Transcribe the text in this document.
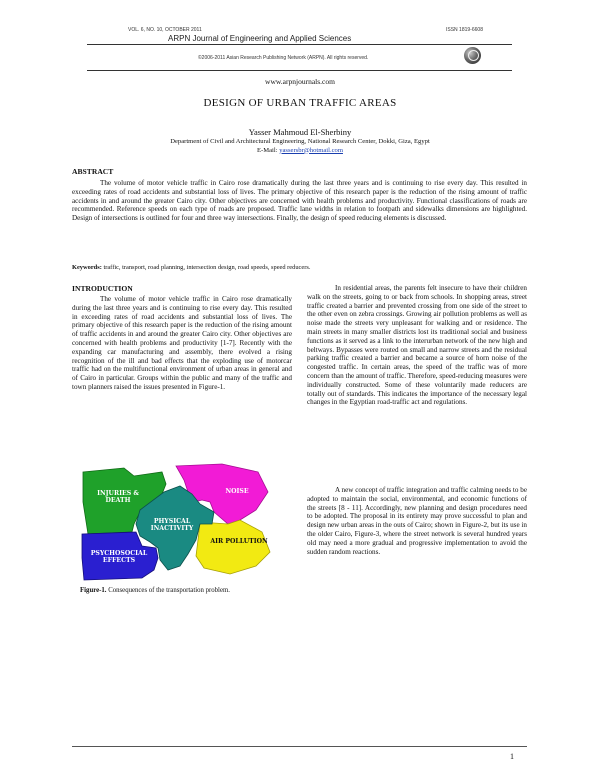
VOL. 6, NO. 10, OCTOBER 2011	ISSN 1819-6608
ARPN Journal of Engineering and Applied Sciences
©2006-2011 Asian Research Publishing Network (ARPN). All rights reserved.
www.arpnjournals.com
DESIGN OF URBAN TRAFFIC AREAS
Yasser Mahmoud El-Sherbiny
Department of Civil and Architectural Engineering, National Research Center, Dokki, Giza, Egypt
E-Mail: yassersbr@hotmail.com
ABSTRACT
The volume of motor vehicle traffic in Cairo rose dramatically during the last three years and is continuing to rise every day. This resulted in exceeding rates of road accidents and substantial loss of lives. The primary objective of this research paper is the reduction of the rising amount of traffic accidents in and around the greater Cairo city. Other objectives are concerned with health problems and productivity. Functional classifications of roads are recommended. Reference speeds on each type of roads are proposed. Traffic lane widths in relation to footpath and sidewalks dimensions are highlighted. Design of intersections is outlined for four and three way intersections. Finally, the design of speed reducing elements is discussed.
Keywords: traffic, transport, road planning, intersection design, road speeds, speed reducers.
INTRODUCTION
The volume of motor vehicle traffic in Cairo rose dramatically during the last three years and is continuing to rise every day. This resulted in exceeding rates of road accidents and substantial loss of lives. The primary objective of this research paper is the reduction of the rising amount of traffic accidents in and around the greater Cairo city. Other objectives are concerned with health problems and productivity [1-7]. Recently with the expanding car manufacturing and assembly, there evolved a rising recognition of the ill and bad effects that the exploding use of motorcar traffic had on the multifunctional environment of urban areas in general and of Cairo in particular. Groups within the public and many of the traffic and town planners raised the issues presented in Figure-1.
INJURIES & DEATH
NOISE
PHYSICAL INACTIVITY
AIR POLLUTION
PSYCHOSOCIAL EFFECTS
Figure-1. Consequences of the transportation problem.
In residential areas, the parents felt insecure to have their children walk on the streets, going to or back from schools. In shopping areas, street traffic created a barrier and prevented crossing from one side of the street to the other even on zebra crossings. Growing air pollution problems as well as noise made the streets very unpleasant for walking and or residence. The main streets in many smaller districts lost its traditional social and business functions as it served as a link to the interurban network of the new high and beltways. Bypasses were routed on small and narrow streets and the residual parking traffic created a barrier and became a source of horn noise of the congested traffic. In certain areas, the speed of the traffic was of more concern than the amount of traffic. Therefore, speed-reducing measures were individually constructed. Some of these voluntarily made reducers are totally out of standards. This indicates the importance of the necessary legal changes in the Egyptian road-traffic act and regulations.
A new concept of traffic integration and traffic calming needs to be adopted to maintain the social, environmental, and economic functions of the streets [8 - 11]. Accordingly, new planning and design procedures need to be adopted. The proposal in its entirety may prove successful to plan and design new urban areas in the outs of Cairo; shown in Figure-2, but its use in the older Cairo, Figure-3, where the street network is several hundred years old may need a more gradual and progressive implementation to avoid the sudden random reactions.
1
